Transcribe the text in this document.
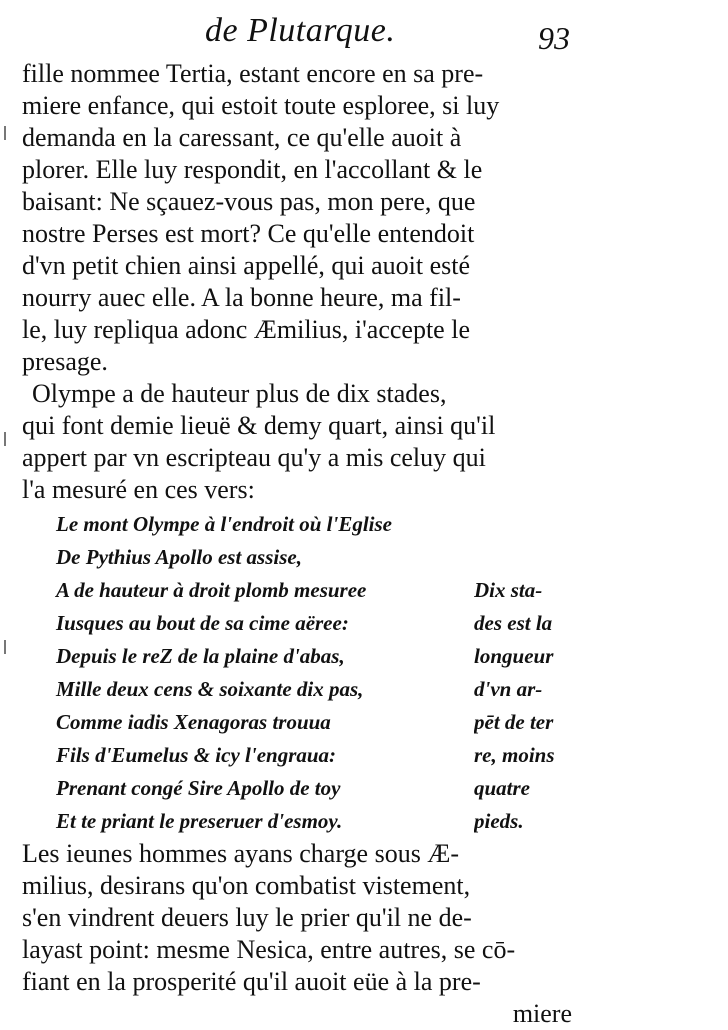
de Plutarque.	93
fille nommee Tertia, estant encore en sa pre-
miere enfance, qui estoit toute esploree, si luy
demanda en la caressant, ce qu'elle auoit à
plorer. Elle luy respondit, en l'accollant & le
baisant: Ne sçauez-vous pas, mon pere, que
nostre Perses est mort? Ce qu'elle entendoit
d'vn petit chien ainsi appellé, qui auoit esté
nourry auec elle. A la bonne heure, ma fil-
le, luy repliqua adonc Æmilius, i'accepte le
presage.
Olympe a de hauteur plus de dix stades,
qui font demie lieuë & demy quart, ainsi qu'il
appert par vn escripteau qu'y a mis celuy qui
l'a mesuré en ces vers:
Le mont Olympe à l'endroit où l'Eglise
De Pythius Apollo est assise,
A de hauteur à droit plomb mesuree	Dix sta-
Iusques au bout de sa cime aëree:	des est la
Depuis le reZ de la plaine d'abas,	longueur
Mille deux cens & soixante dix pas,	d'vn ar-
Comme iadis Xenagoras trouua	pēt de ter
Fils d'Eumelus & icy l'engraua:	re, moins
Prenant congé Sire Apollo de toy	quatre
Et te priant le preseruer d'esmoy.	pieds.
Les ieunes hommes ayans charge sous Æ-
milius, desirans qu'on combatist vistement,
s'en vindrent deuers luy le prier qu'il ne de-
layast point: mesme Nesica, entre autres, se cō-
fiant en la prosperité qu'il auoit eüe à la pre-
miere
